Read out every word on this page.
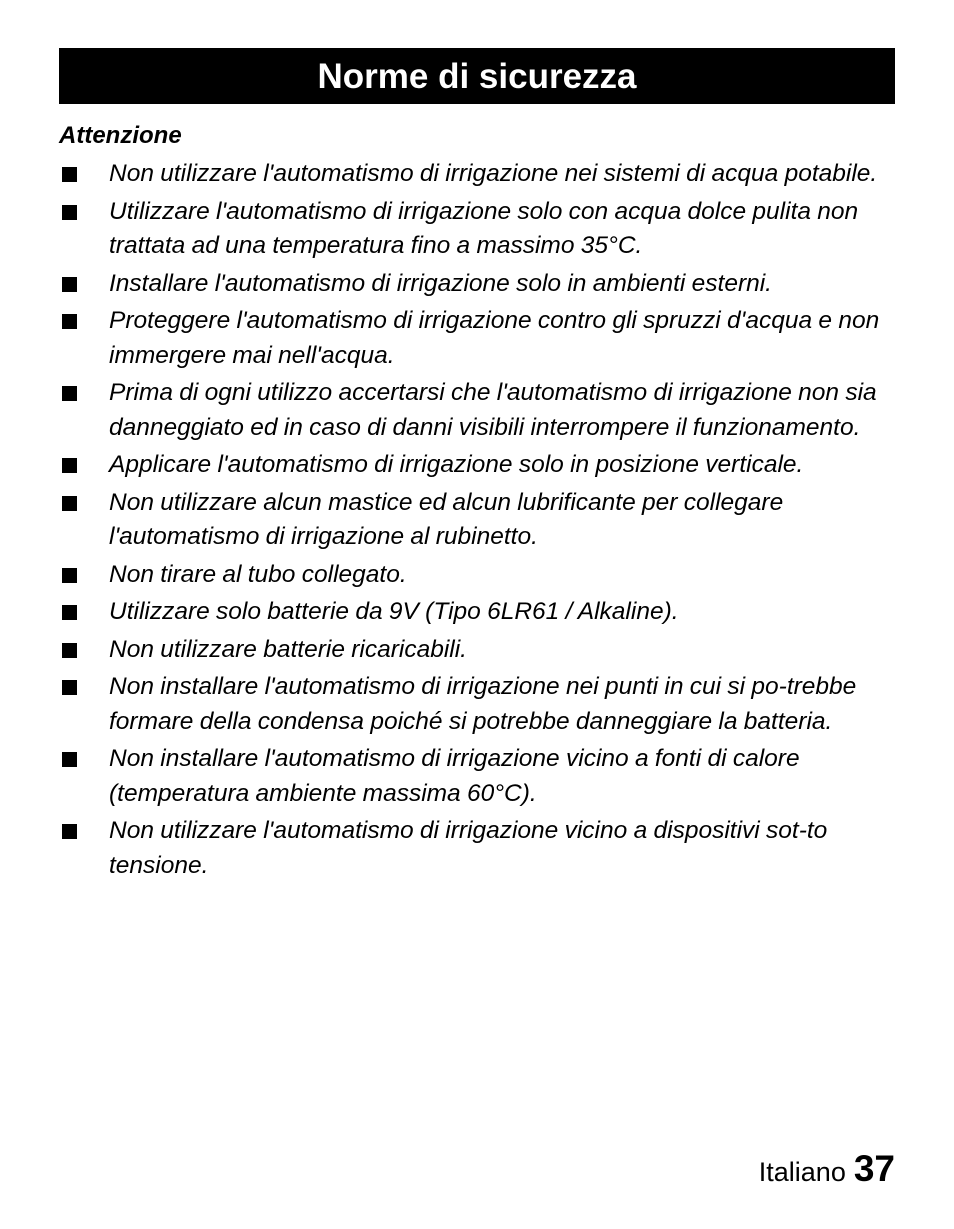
Norme di sicurezza
Attenzione
Non utilizzare l'automatismo di irrigazione nei sistemi di acqua potabile.
Utilizzare l'automatismo di irrigazione solo con acqua dolce pulita non trattata ad una temperatura fino a massimo 35°C.
Installare l'automatismo di irrigazione solo in ambienti esterni.
Proteggere l'automatismo di irrigazione contro gli spruzzi d'acqua e non immergere mai nell'acqua.
Prima di ogni utilizzo accertarsi che l'automatismo di irrigazione non sia danneggiato ed in caso di danni visibili interrompere il funzionamento.
Applicare l'automatismo di irrigazione solo in posizione verticale.
Non utilizzare alcun mastice ed alcun lubrificante per collegare l'automatismo di irrigazione al rubinetto.
Non tirare al tubo collegato.
Utilizzare solo batterie da 9V (Tipo 6LR61 / Alkaline).
Non utilizzare batterie ricaricabili.
Non installare l'automatismo di irrigazione nei punti in cui si po-trebbe formare della condensa poiché si potrebbe danneggiare la batteria.
Non installare l'automatismo di irrigazione vicino a fonti di calore (temperatura ambiente massima 60°C).
Non utilizzare l'automatismo di irrigazione vicino a dispositivi sot-to tensione.
Italiano 37
